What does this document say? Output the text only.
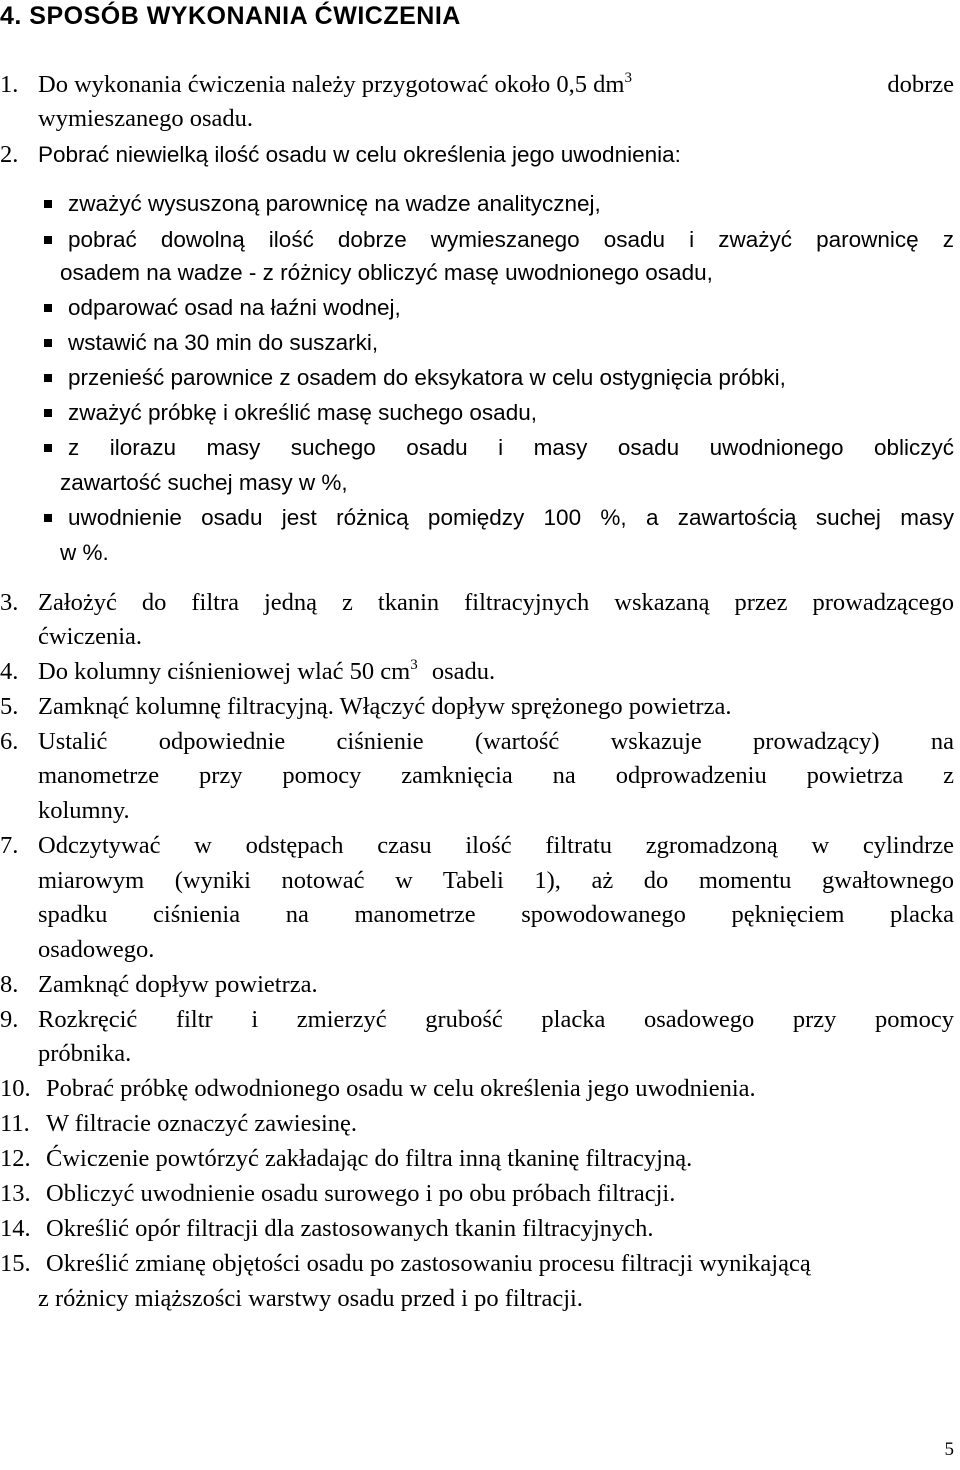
4. SPOSÓB WYKONANIA ĆWICZENIA
1. Do wykonania ćwiczenia należy przygotować około 0,5 $dm^3$	dobrze
wymieszanego osadu.
2. Pobrać niewielką ilość osadu w celu określenia jego uwodnienia:
zważyć wysuszoną parownicę na wadze analitycznej,
pobrać dowolną ilość dobrze wymieszanego osadu i zważyć parownicę z
osadem na wadze - z różnicy obliczyć masę uwodnionego osadu,
odparować osad na łaźni wodnej,
wstawić na 30 min do suszarki,
przenieść parownice z osadem do eksykatora w celu ostygnięcia próbki,
zważyć próbkę i określić masę suchego osadu,
z ilorazu masy suchego osadu i masy osadu uwodnionego obliczyć
zawartość suchej masy w %,
uwodnienie osadu jest różnicą pomiędzy 100 %, a zawartością suchej masy
w %.
3. Założyć do filtra jedną z tkanin filtracyjnych wskazaną przez prowadzącego
ćwiczenia.
4. Do kolumny ciśnieniowej wlać 50 $cm^3$ osadu.
5. Zamknąć kolumnę filtracyjną. Włączyć dopływ sprężonego powietrza.
6. Ustalić odpowiednie ciśnienie (wartość wskazuje prowadzący) na
manometrze przy pomocy zamknięcia na odprowadzeniu powietrza z
kolumny.
7. Odczytywać w odstępach czasu ilość filtratu zgromadzoną w cylindrze
miarowym (wyniki notować w Tabeli 1), aż do momentu gwałtownego
spadku ciśnienia na manometrze spowodowanego pęknięciem placka
osadowego.
8. Zamknąć dopływ powietrza.
9. Rozkręcić filtr i zmierzyć grubość placka osadowego przy pomocy
próbnika.
10. Pobrać próbkę odwodnionego osadu w celu określenia jego uwodnienia.
11. W filtracie oznaczyć zawiesinę.
12. Ćwiczenie powtórzyć zakładając do filtra inną tkaninę filtracyjną.
13. Obliczyć uwodnienie osadu surowego i po obu próbach filtracji.
14. Określić opór filtracji dla zastosowanych tkanin filtracyjnych.
15. Określić zmianę objętości osadu po zastosowaniu procesu filtracji wynikającą
z różnicy miąższości warstwy osadu przed i po filtracji.
5
